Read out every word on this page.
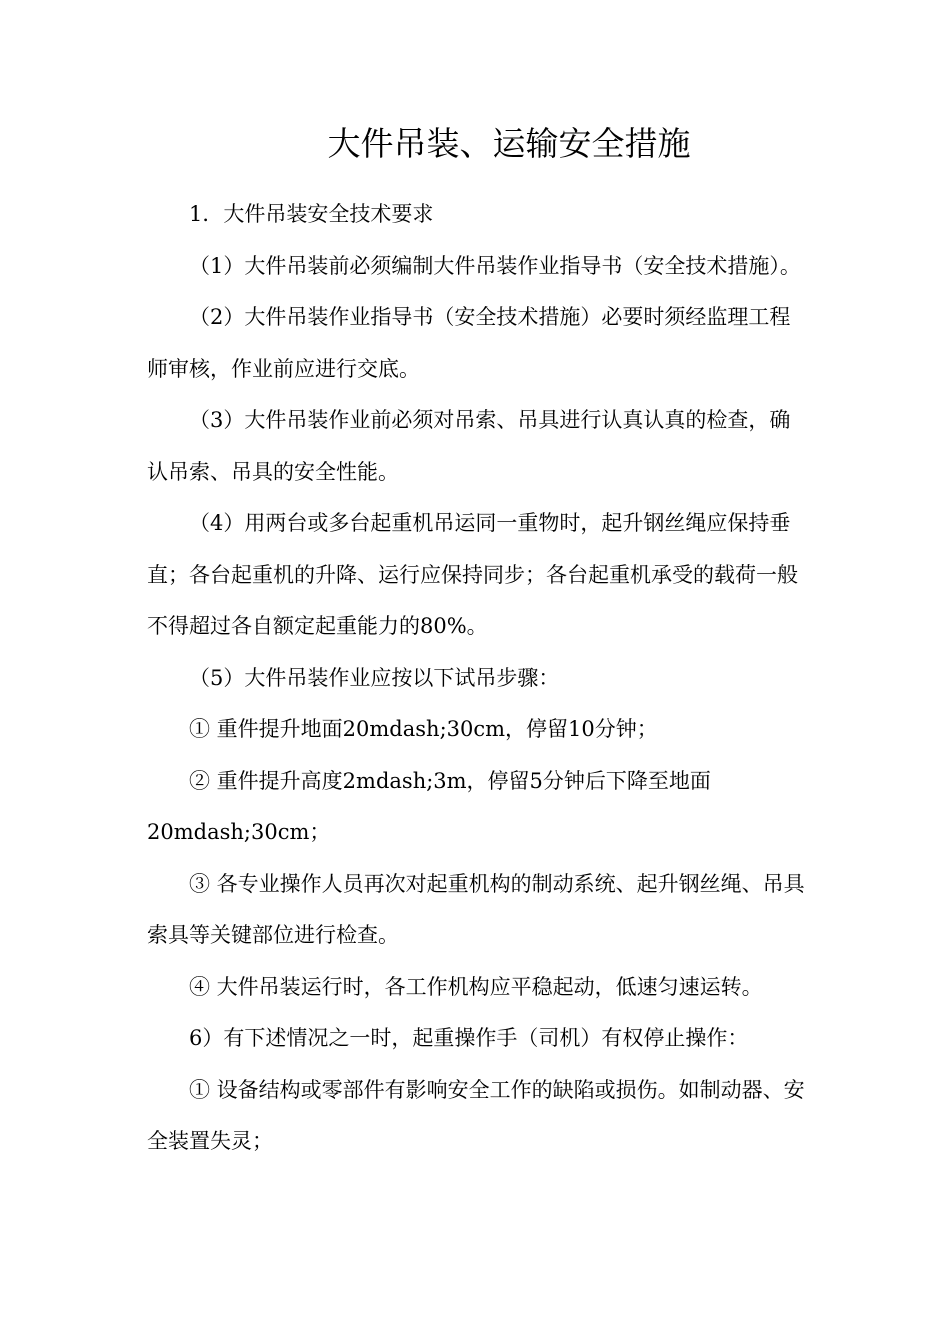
大件吊装、运输安全措施

1．大件吊装安全技术要求

（1）大件吊装前必须编制大件吊装作业指导书（安全技术措施）。

（2）大件吊装作业指导书（安全技术措施）必要时须经监理工程师审核，作业前应进行交底。

（3）大件吊装作业前必须对吊索、吊具进行认真认真的检查，确认吊索、吊具的安全性能。

（4）用两台或多台起重机吊运同一重物时，起升钢丝绳应保持垂直；各台起重机的升降、运行应保持同步；各台起重机承受的载荷一般不得超过各自额定起重能力的80%。

（5）大件吊装作业应按以下试吊步骤：

① 重件提升地面20mdash;30cm，停留10分钟；

② 重件提升高度2mdash;3m，停留5分钟后下降至地面

20mdash;30cm；

③ 各专业操作人员再次对起重机构的制动系统、起升钢丝绳、吊具索具等关键部位进行检查。

④ 大件吊装运行时，各工作机构应平稳起动，低速匀速运转。

6）有下述情况之一时，起重操作手（司机）有权停止操作：

① 设备结构或零部件有影响安全工作的缺陷或损伤。如制动器、安全装置失灵；
